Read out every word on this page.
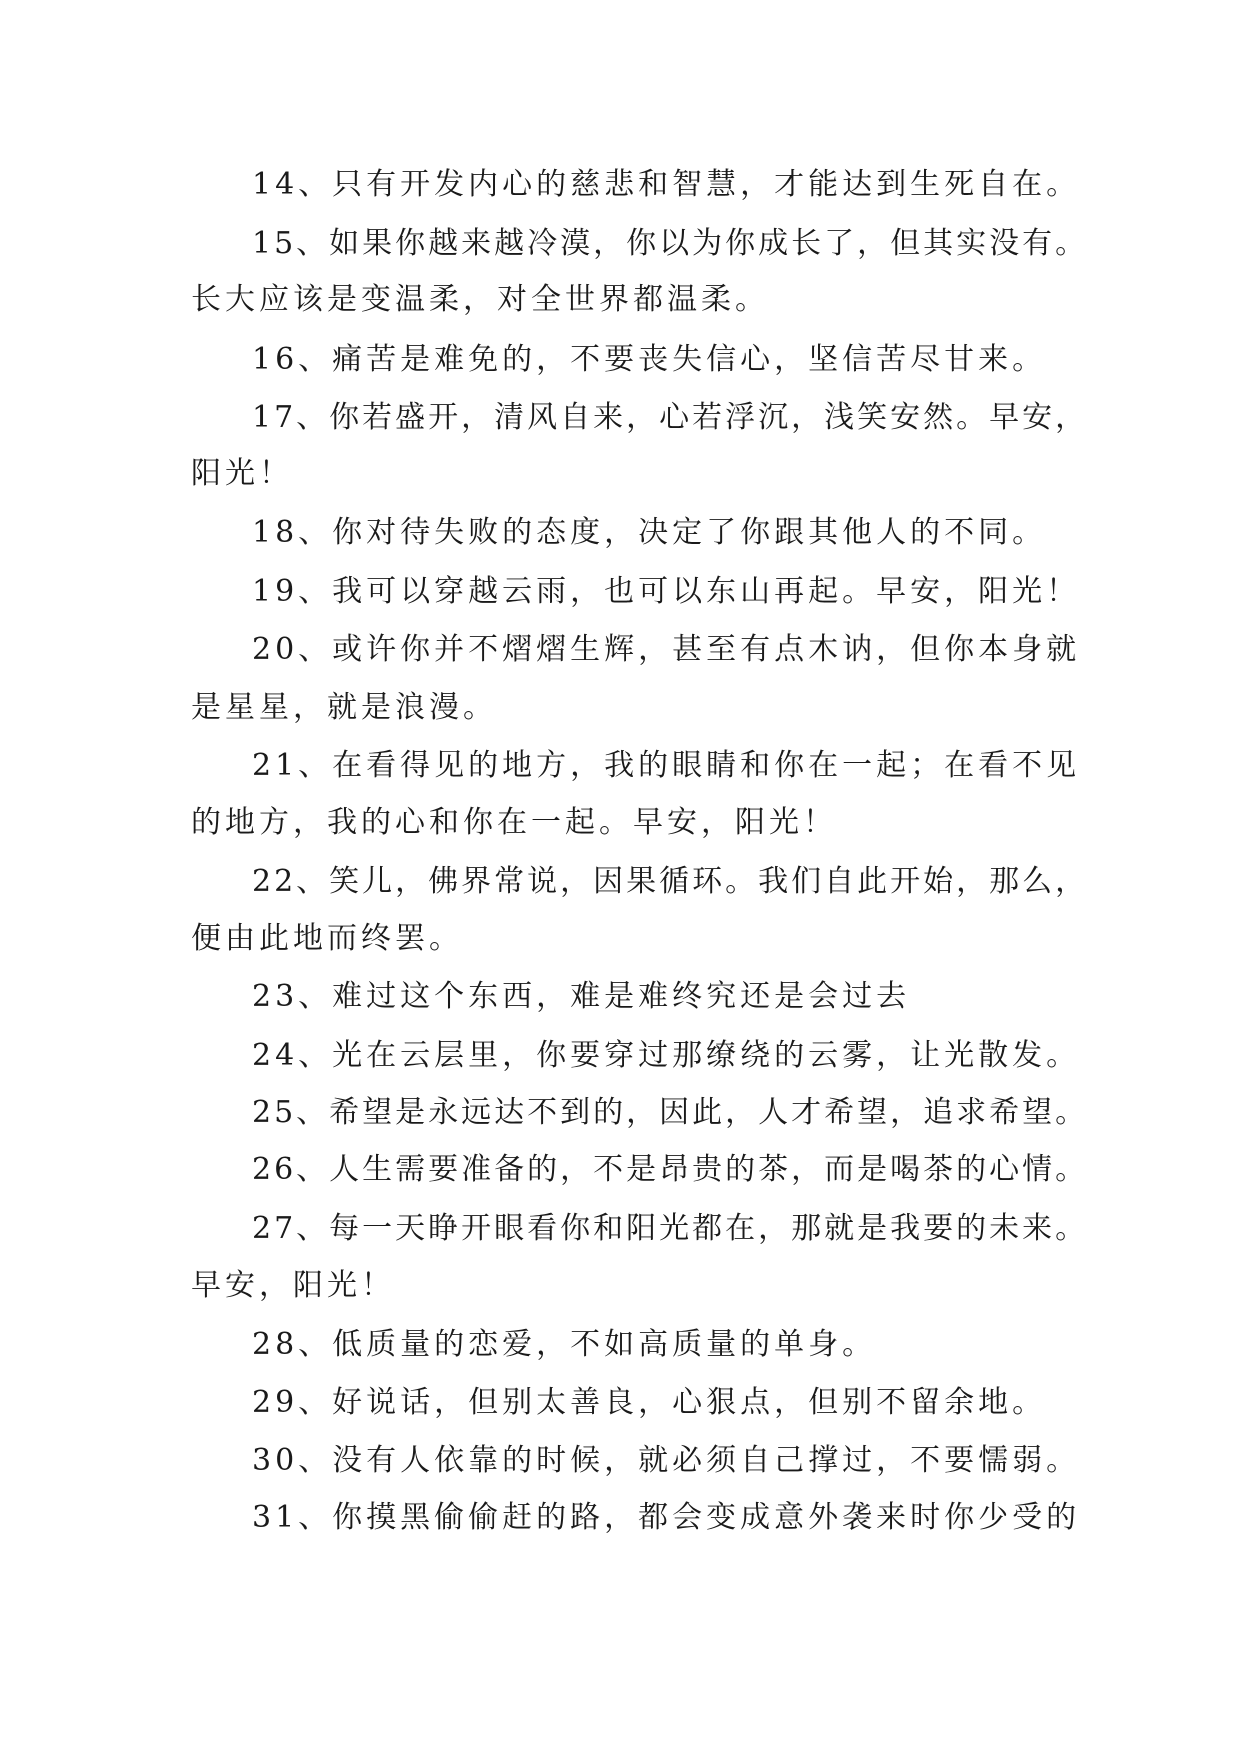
14、只有开发内心的慈悲和智慧，才能达到生死自在。
15、如果你越来越冷漠，你以为你成长了，但其实没有。
长大应该是变温柔，对全世界都温柔。
16、痛苦是难免的，不要丧失信心，坚信苦尽甘来。
17、你若盛开，清风自来，心若浮沉，浅笑安然。早安，
阳光！
18、你对待失败的态度，决定了你跟其他人的不同。
19、我可以穿越云雨，也可以东山再起。早安，阳光！
20、或许你并不熠熠生辉，甚至有点木讷，但你本身就
是星星，就是浪漫。
21、在看得见的地方，我的眼睛和你在一起；在看不见
的地方，我的心和你在一起。早安，阳光！
22、笑儿，佛界常说，因果循环。我们自此开始，那么，
便由此地而终罢。
23、难过这个东西，难是难终究还是会过去
24、光在云层里，你要穿过那缭绕的云雾，让光散发。
25、希望是永远达不到的，因此，人才希望，追求希望。
26、人生需要准备的，不是昂贵的茶，而是喝茶的心情。
27、每一天睁开眼看你和阳光都在，那就是我要的未来。
早安，阳光！
28、低质量的恋爱，不如高质量的单身。
29、好说话，但别太善良，心狠点，但别不留余地。
30、没有人依靠的时候，就必须自己撑过，不要懦弱。
31、你摸黑偷偷赶的路，都会变成意外袭来时你少受的
